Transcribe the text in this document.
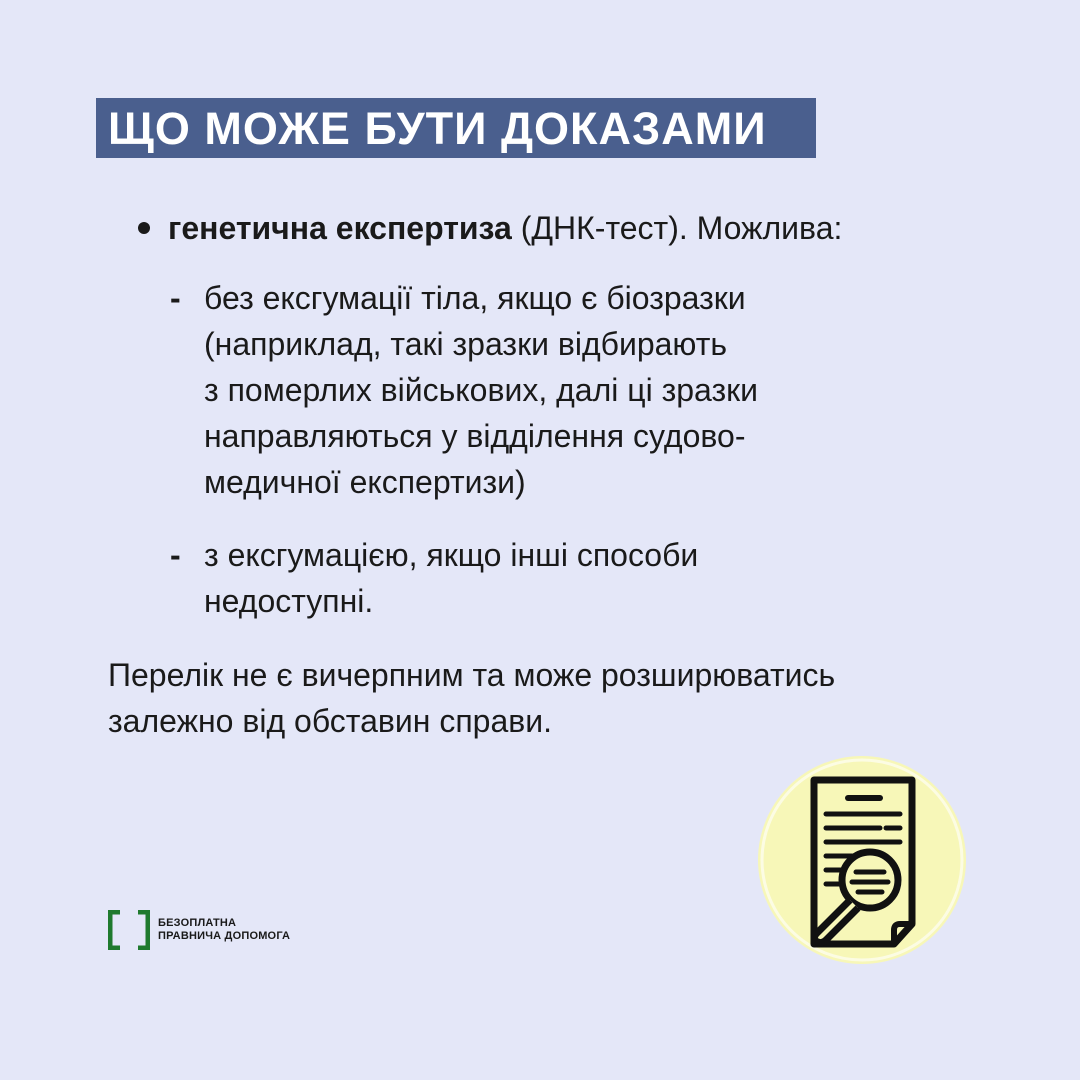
ЩО МОЖЕ БУТИ ДОКАЗАМИ
генетична експертиза (ДНК-тест). Можлива:
- без ексгумації тіла, якщо є біозразки
(наприклад, такі зразки відбирають
з померлих військових, далі ці зразки
направляються у відділення судово-
медичної експертизи)
- з ексгумацією, якщо інші способи
недоступні.
Перелік не є вичерпним та може розширюватись
залежно від обставин справи.
БЕЗОПЛАТНА
ПРАВНИЧА ДОПОМОГА
